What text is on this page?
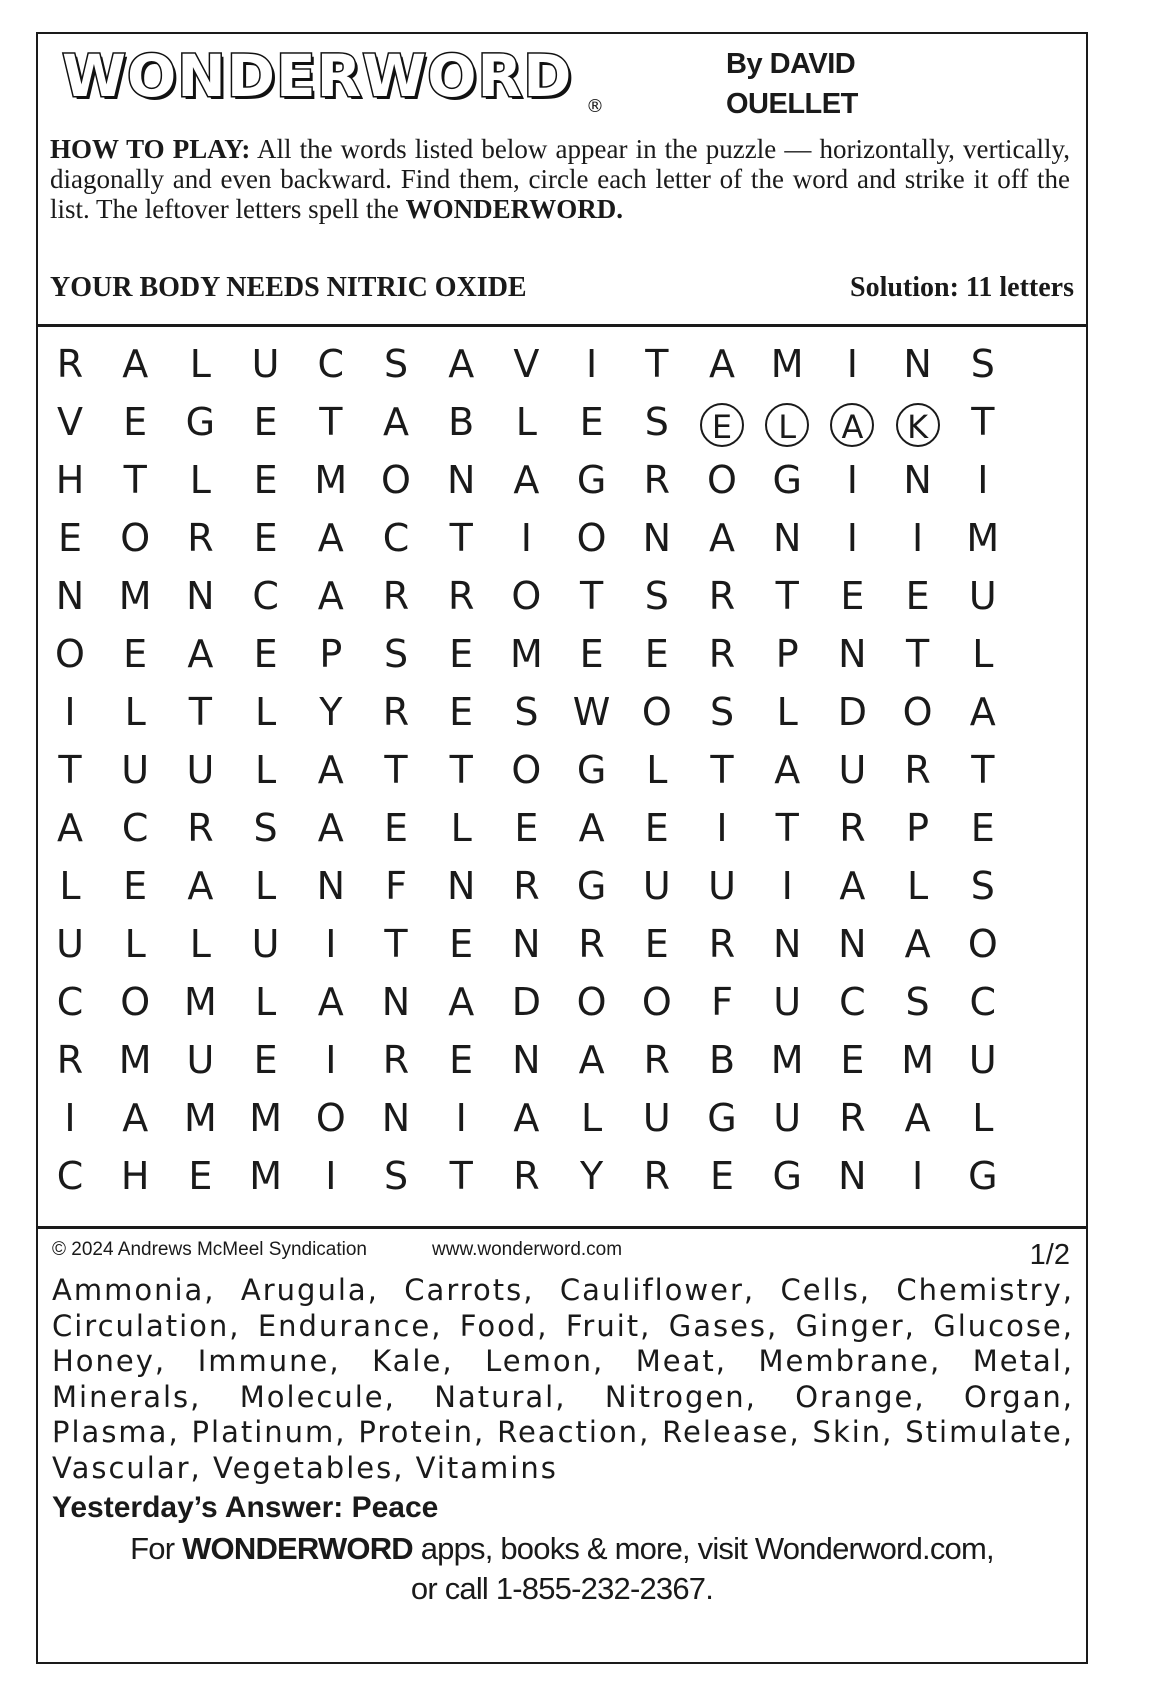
WONDERWORD ®
By DAVID
OUELLET
HOW TO PLAY: All the words listed below appear in the puzzle — horizontally, vertically, diagonally and even backward. Find them, circle each letter of the word and strike it off the list. The leftover letters spell the WONDERWORD.
YOUR BODY NEEDS NITRIC OXIDE	Solution: 11 letters
R	A	L	U	C	S	A	V	I	T	A M	I	N	S
V	E	G	E	T	A	B	L	E	S	E	L	A	K	T
H	T	L	E M O N A G R O G	I	N	I
E	O R	E	A	C	T	I	O N A N	I	I	M
N M N C	A	R	R O	T	S	R	T	E	E	U
O	E	A	E	P	S	E M E	E	R	P	N	T	L
I	L	T	L	Y	R	E	S W O	S	L	D O A
T	U U	L	A	T	T	O G	L	T	A	U	R	T
A	C	R	S	A	E	L	E	A	E	I	T	R	P	E
L	E	A	L	N	F	N R G U U	I	A	L	S
U	L	L	U	I	T	E	N R	E	R N N A O
C O M	L	A N A D O O	F	U	C	S	C
R M U	E	I	R	E	N A	R	B M E M U
I	A M M O N	I	A	L	U G U	R	A	L
C H	E M	I	S	T	R	Y	R	E	G N	I	G
© 2024 Andrews McMeel Syndication	www.wonderword.com	1/2
Ammonia, Arugula, Carrots, Cauliflower, Cells, Chemistry, Circulation, Endurance, Food, Fruit, Gases, Ginger, Glucose, Honey, Immune, Kale, Lemon, Meat, Membrane, Metal, Minerals, Molecule, Natural, Nitrogen, Orange, Organ, Plasma, Platinum, Protein, Reaction, Release, Skin, Stimulate, Vascular, Vegetables, Vitamins
Yesterday’s Answer: Peace
For WONDERWORD apps, books & more, visit Wonderword.com,
or call 1-855-232-2367.
